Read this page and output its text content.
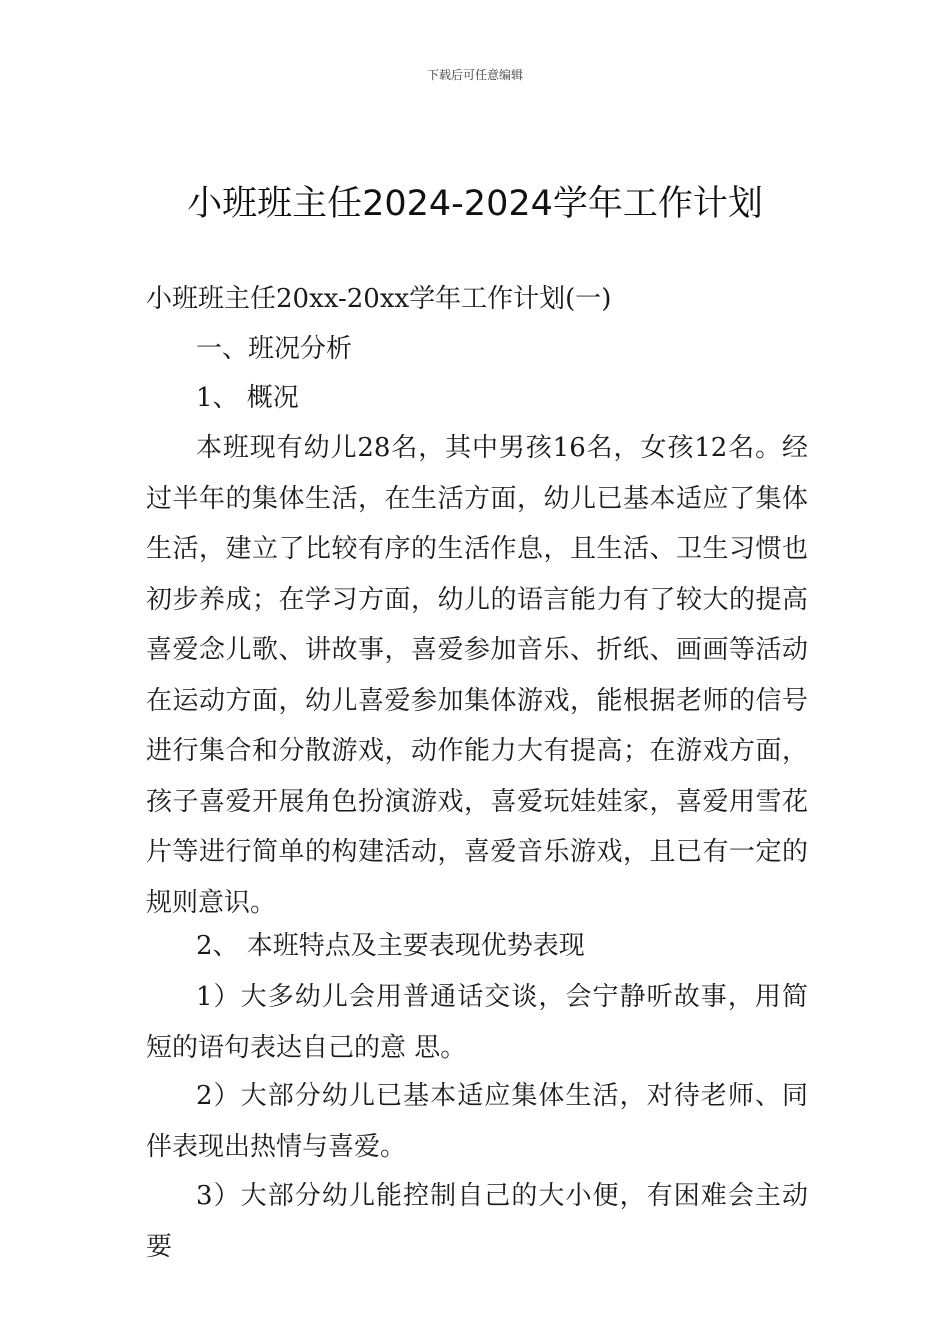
下载后可任意编辑
小班班主任2024-2024学年工作计划
小班班主任20xx-20xx学年工作计划(一)
一、班况分析
1、 概况
本班现有幼儿28名，其中男孩16名，女孩12名。经过半年的集体生活，在生活方面，幼儿已基本适应了集体生活，建立了比较有序的生活作息，且生活、卫生习惯也初步养成；在学习方面，幼儿的语言能力有了较大的提高喜爱念儿歌、讲故事，喜爱参加音乐、折纸、画画等活动在运动方面，幼儿喜爱参加集体游戏，能根据老师的信号进行集合和分散游戏，动作能力大有提高；在游戏方面，孩子喜爱开展角色扮演游戏，喜爱玩娃娃家，喜爱用雪花片等进行简单的构建活动，喜爱音乐游戏，且已有一定的规则意识。
2、 本班特点及主要表现优势表现
1）大多幼儿会用普通话交谈，会宁静听故事，用简短的语句表达自己的意 思。
2）大部分幼儿已基本适应集体生活，对待老师、同伴表现出热情与喜爱。
3）大部分幼儿能控制自己的大小便，有困难会主动要
